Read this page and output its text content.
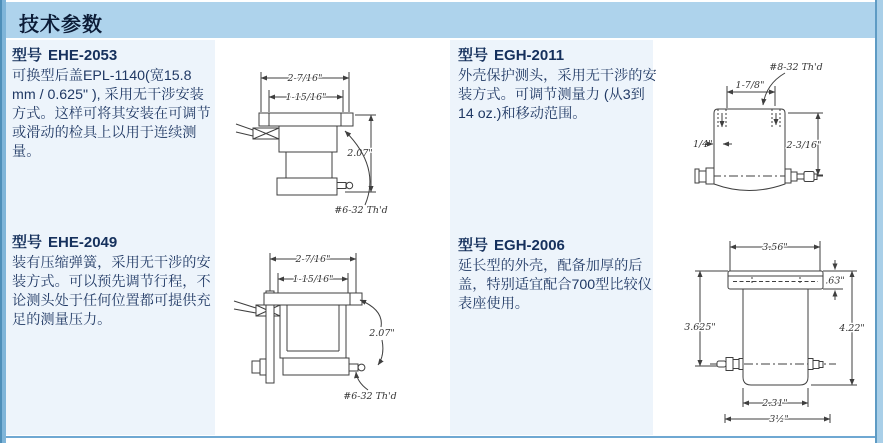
技术参数

型号 EHE-2053

可换型后盖EPL-1140(宽15.8 mm / 0.625" ), 采用无干涉安装方式。这样可将其安装在可调节或滑动的检具上以用于连续测量。

型号 EHE-2049

装有压缩弹簧，采用无干涉的安装方式。可以预先调节行程，不论测头处于任何位置都可提供充足的测量压力。

型号 EGH-2011

外壳保护测头，采用无干涉的安装方式。可调节测量力 (从3到14 oz.)和移动范围。

型号 EGH-2006

延长型的外壳，配备加厚的后盖，特别适宜配合700型比较仪表座使用。

2-7/16"
1-15/16"
2.07"
#6-32 Th'd
2-7/16"
1-15/16"
2.07"
#6-32 Th'd
#8-32 Th'd
1-7/8"
1/4"	2-3/16"
3.56"
.63"
3.625"	4.22"
2.31"
3½"
